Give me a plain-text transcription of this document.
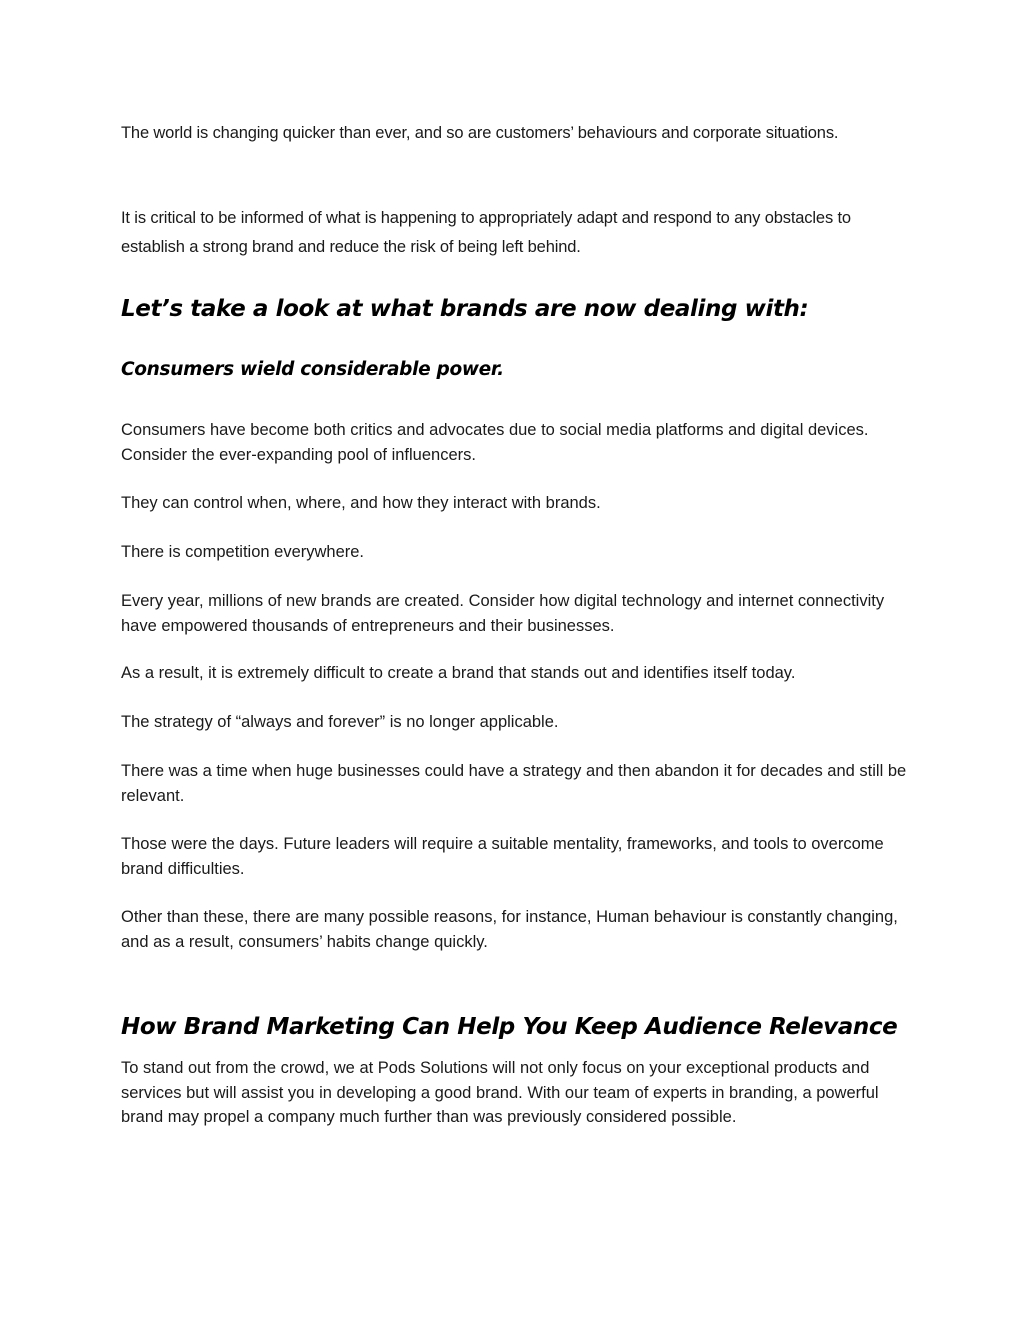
The world is changing quicker than ever, and so are customers’ behaviours and corporate situations.

It is critical to be informed of what is happening to appropriately adapt and respond to any obstacles to establish a strong brand and reduce the risk of being left behind.

Let’s take a look at what brands are now dealing with:
Consumers wield considerable power.

Consumers have become both critics and advocates due to social media platforms and digital devices. Consider the ever-expanding pool of influencers.

They can control when, where, and how they interact with brands.

There is competition everywhere.

Every year, millions of new brands are created. Consider how digital technology and internet connectivity have empowered thousands of entrepreneurs and their businesses.

As a result, it is extremely difficult to create a brand that stands out and identifies itself today.

The strategy of “always and forever” is no longer applicable.

There was a time when huge businesses could have a strategy and then abandon it for decades and still be relevant.

Those were the days. Future leaders will require a suitable mentality, frameworks, and tools to overcome brand difficulties.

Other than these, there are many possible reasons, for instance, Human behaviour is constantly changing, and as a result, consumers’ habits change quickly.

How Brand Marketing Can Help You Keep Audience Relevance

To stand out from the crowd, we at Pods Solutions will not only focus on your exceptional products and services but will assist you in developing a good brand. With our team of experts in branding, a powerful brand may propel a company much further than was previously considered possible.
